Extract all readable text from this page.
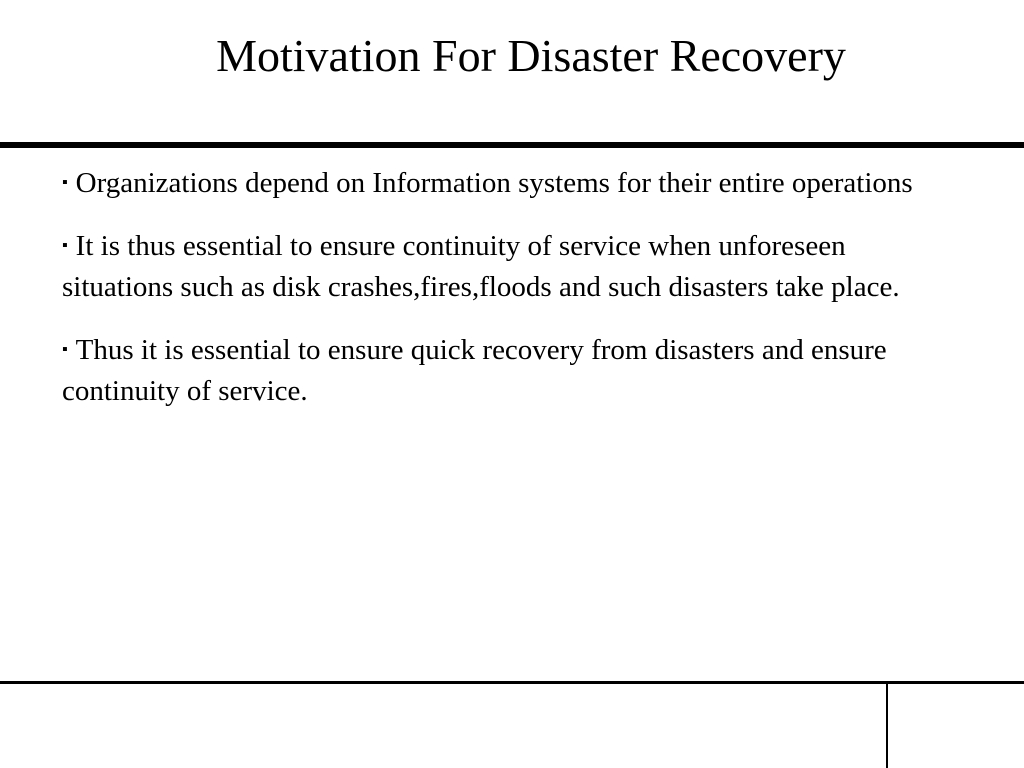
Motivation For Disaster Recovery

▪ Organizations depend on Information systems for their entire operations

▪ It is thus essential to ensure continuity of service when unforeseen situations such as disk crashes,fires,floods and such disasters take place.

▪ Thus it is essential to ensure quick recovery from disasters and ensure continuity of service.
